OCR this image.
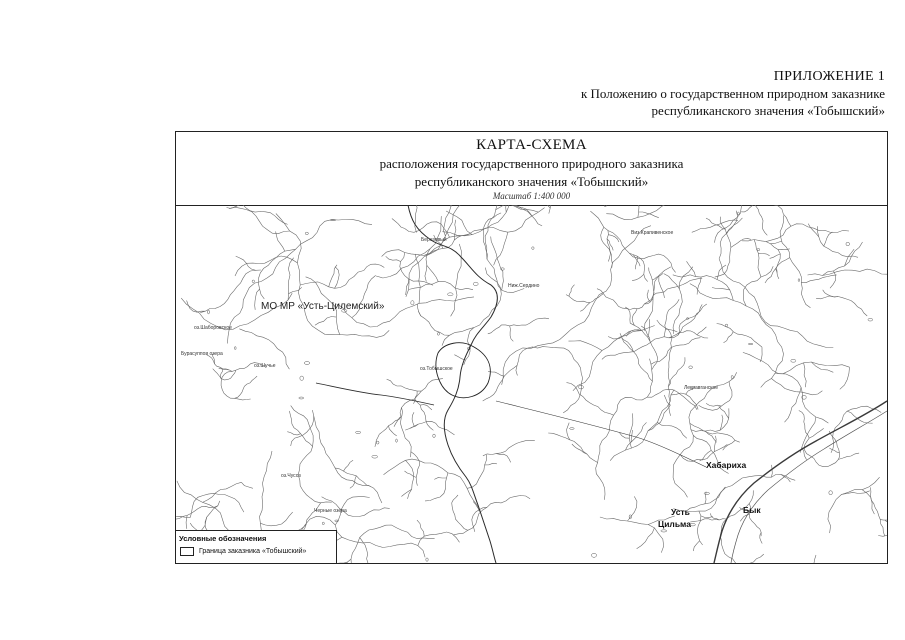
ПРИЛОЖЕНИЕ 1
к Положению о государственном природном заказнике
республиканского значения «Тобышский»
КАРТА-СХЕМА
расположения государственного природного заказника
республиканского значения «Тобышский»
Масштаб 1:400 000
МО МР «Усть-Цилемский»
Березовый
Виз.Крапивенское
Ниж.Сердино
оз.Шаборовское
Бурасуппоя озера
оз.Шучье	оз.Тобышское
Лекравганское
оз.Чусоз
Черные озера
Хабариха
Усть
Цильма
Бык
Условные обозначения
Граница заказника «Тобышский»
